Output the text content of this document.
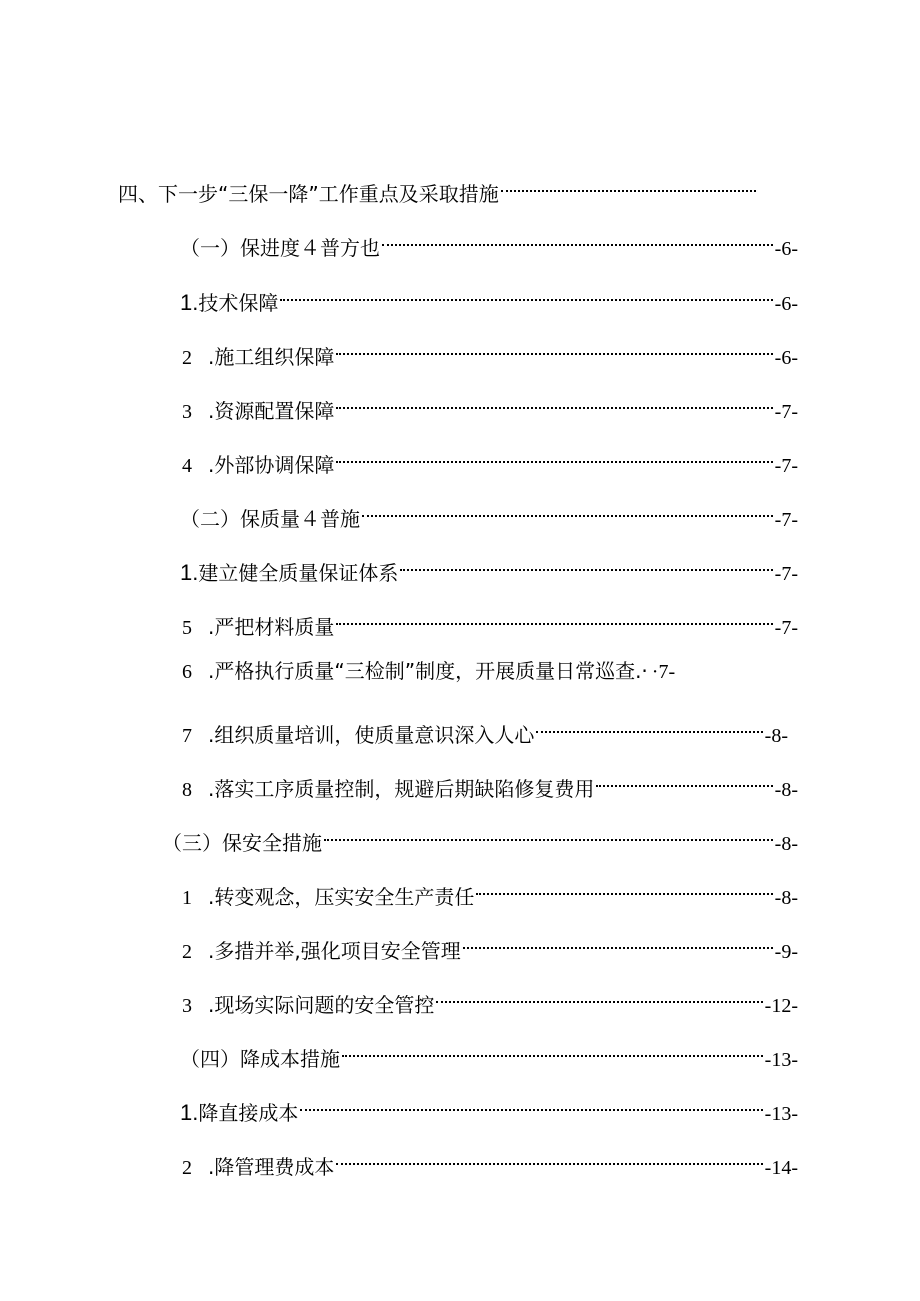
四、下一步“三保一降”工作重点及采取措施
（一）保进度４普方也	-6-
1. 技术保障	-6-
2 .施工组织保障	-6-
3 .资源配置保障	-7-
4 .外部协调保障	-7-
（二）保质量４普施	-7-
1. 建立健全质量保证体系	-7-
5 .严把材料质量	-7-
6 .严格执行质量“三检制”制度，开展质量日常巡查.· ·7-
7 .组织质量培训，使质量意识深入人心	-8-
8 .落实工序质量控制，规避后期缺陷修复费用	-8-
（三）保安全措施	-8-
1 .转变观念，压实安全生产责任	-8-
2 .多措并举,强化项目安全管理	-9-
3 .现场实际问题的安全管控	-12-
（四）降成本措施	-13-
1. 降直接成本	-13-
2 .降管理费成本	-14-
